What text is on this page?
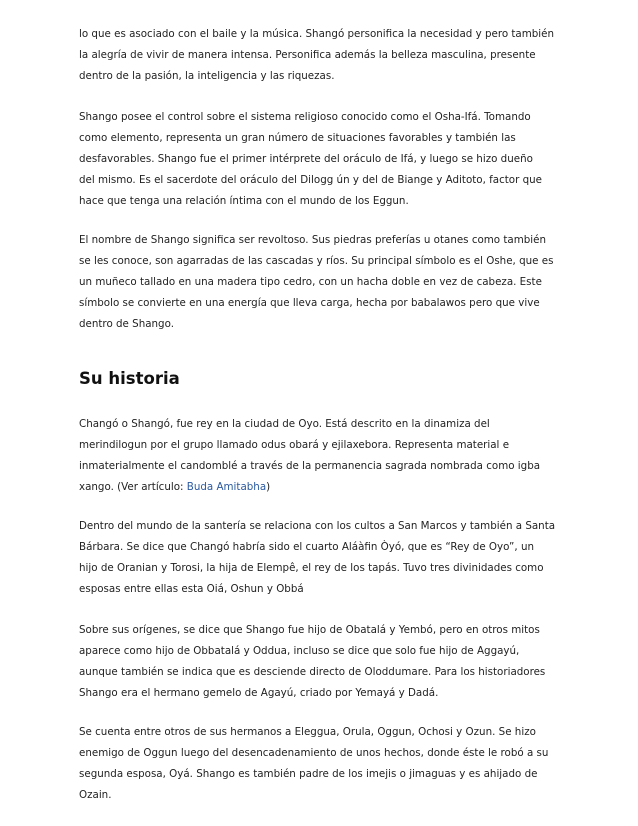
lo que es asociado con el baile y la música. Shangó personifica la necesidad y pero también

la alegría de vivir de manera intensa. Personifica además la belleza masculina, presente

dentro de la pasión, la inteligencia y las riquezas.

Shango posee el control sobre el sistema religioso conocido como el Osha-Ifá. Tomando

como elemento, representa un gran número de situaciones favorables y también las

desfavorables. Shango fue el primer intérprete del oráculo de Ifá, y luego se hizo dueño

del mismo. Es el sacerdote del oráculo del Dilogg ún y del de Biange y Aditoto, factor que

hace que tenga una relación íntima con el mundo de los Eggun.

El nombre de Shango significa ser revoltoso. Sus piedras preferías u otanes como también

se les conoce, son agarradas de las cascadas y ríos. Su principal símbolo es el Oshe, que es

un muñeco tallado en una madera tipo cedro, con un hacha doble en vez de cabeza. Este

símbolo se convierte en una energía que lleva carga, hecha por babalawos pero que vive

dentro de Shango.

Su historia

Changó o Shangó, fue rey en la ciudad de Oyo. Está descrito en la dinamiza del

merindilogun por el grupo llamado odus obará y ejilaxebora. Representa material e

inmaterialmente el candomblé a través de la permanencia sagrada nombrada como igba

xango. (Ver artículo: Buda Amitabha)

Dentro del mundo de la santería se relaciona con los cultos a San Marcos y también a Santa

Bárbara. Se dice que Changó habría sido el cuarto Aláàfin Òyó, que es “Rey de Oyo”, un

hijo de Oranian y Torosi, la hija de Elempê, el rey de los tapás. Tuvo tres divinidades como

esposas entre ellas esta Oiá, Oshun y Obbá

Sobre sus orígenes, se dice que Shango fue hijo de Obatalá y Yembó, pero en otros mitos

aparece como hijo de Obbatalá y Oddua, incluso se dice que solo fue hijo de Aggayú,

aunque también se indica que es desciende directo de Oloddumare. Para los historiadores

Shango era el hermano gemelo de Agayú, criado por Yemayá y Dadá.

Se cuenta entre otros de sus hermanos a Eleggua, Orula, Oggun, Ochosi y Ozun. Se hizo

enemigo de Oggun luego del desencadenamiento de unos hechos, donde éste le robó a su

segunda esposa, Oyá. Shango es también padre de los imejis o jimaguas y es ahijado de

Ozain.
